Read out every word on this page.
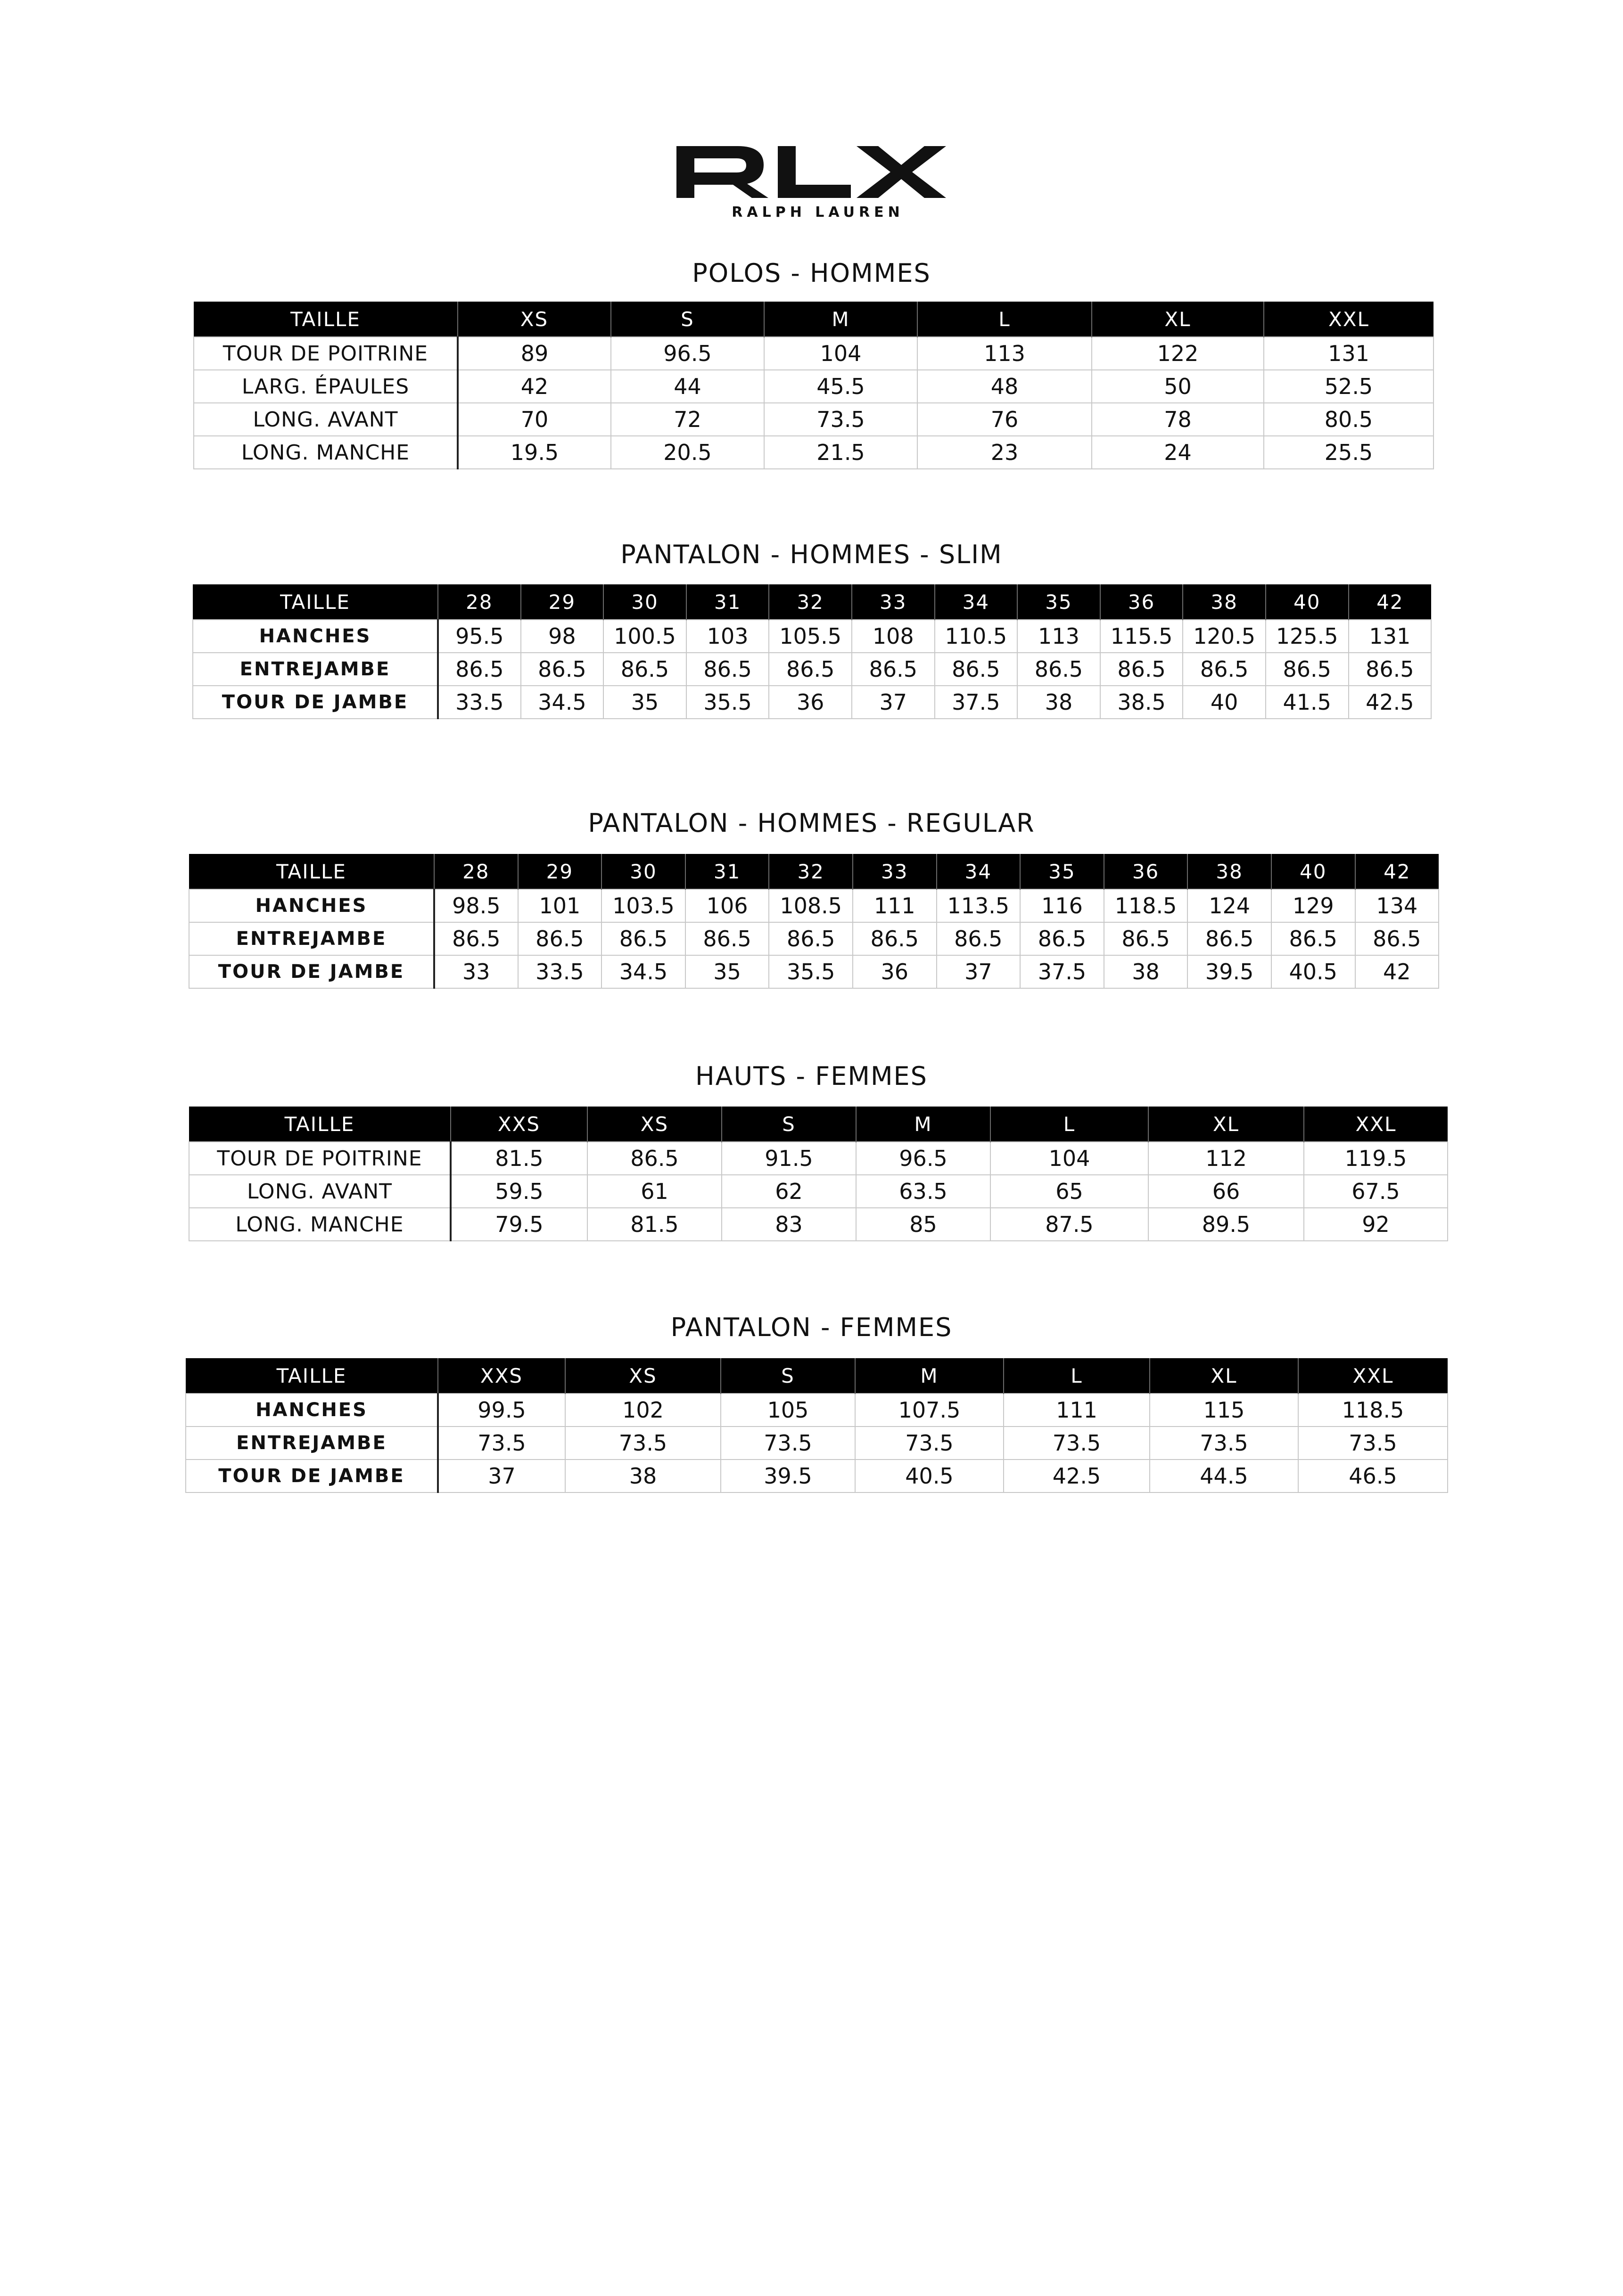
RALPH LAUREN
POLOS - HOMMES
TAILLE	XS	S	M	L	XL	XXL
TOUR DE POITRINE	89	96.5	104	113	122	131
LARG. ÉPAULES	42	44	45.5	48	50	52.5
LONG. AVANT	70	72	73.5	76	78	80.5
LONG. MANCHE	19.5	20.5	21.5	23	24	25.5
PANTALON - HOMMES - SLIM
TAILLE	28	29	30	31	32	33	34	35	36	38	40	42
HANCHES	95.5	98	100.5	103	105.5	108	110.5	113	115.5	120.5	125.5	131
ENTREJAMBE	86.5	86.5	86.5	86.5	86.5	86.5	86.5	86.5	86.5	86.5	86.5	86.5
TOUR DE JAMBE	33.5	34.5	35	35.5	36	37	37.5	38	38.5	40	41.5	42.5
PANTALON - HOMMES - REGULAR
TAILLE	28	29	30	31	32	33	34	35	36	38	40	42
HANCHES	98.5	101	103.5	106	108.5	111	113.5	116	118.5	124	129	134
ENTREJAMBE	86.5	86.5	86.5	86.5	86.5	86.5	86.5	86.5	86.5	86.5	86.5	86.5
TOUR DE JAMBE	33	33.5	34.5	35	35.5	36	37	37.5	38	39.5	40.5	42
HAUTS - FEMMES
TAILLE	XXS	XS	S	M	L	XL	XXL
TOUR DE POITRINE	81.5	86.5	91.5	96.5	104	112	119.5
LONG. AVANT	59.5	61	62	63.5	65	66	67.5
LONG. MANCHE	79.5	81.5	83	85	87.5	89.5	92
PANTALON - FEMMES
TAILLE	XXS	XS	S	M	L	XL	XXL
HANCHES	99.5	102	105	107.5	111	115	118.5
ENTREJAMBE	73.5	73.5	73.5	73.5	73.5	73.5	73.5
TOUR DE JAMBE	37	38	39.5	40.5	42.5	44.5	46.5
